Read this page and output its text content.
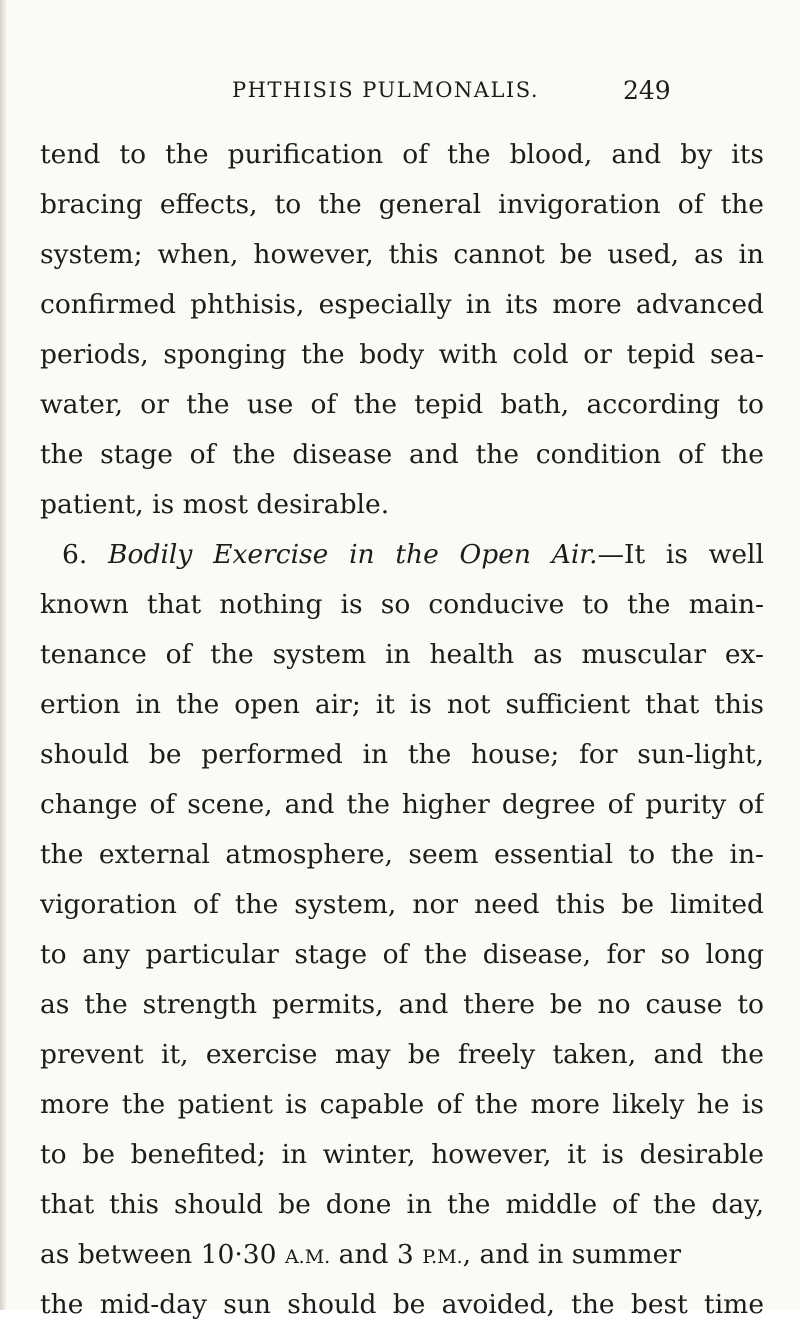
PHTHISIS PULMONALIS.	249
tend to the purification of the blood, and by its
bracing effects, to the general invigoration of the
system; when, however, this cannot be used, as in
confirmed phthisis, especially in its more advanced
periods, sponging the body with cold or tepid sea-
water, or the use of the tepid bath, according to
the stage of the disease and the condition of the
patient, is most desirable.
6. Bodily Exercise in the Open Air.—It is well
known that nothing is so conducive to the main-
tenance of the system in health as muscular ex-
ertion in the open air; it is not sufficient that this
should be performed in the house; for sun-light,
change of scene, and the higher degree of purity of
the external atmosphere, seem essential to the in-
vigoration of the system, nor need this be limited
to any particular stage of the disease, for so long
as the strength permits, and there be no cause to
prevent it, exercise may be freely taken, and the
more the patient is capable of the more likely he is
to be benefited; in winter, however, it is desirable
that this should be done in the middle of the day,
as between 10·30 A.M. and 3 P.M., and in summer
the mid-day sun should be avoided, the best time
